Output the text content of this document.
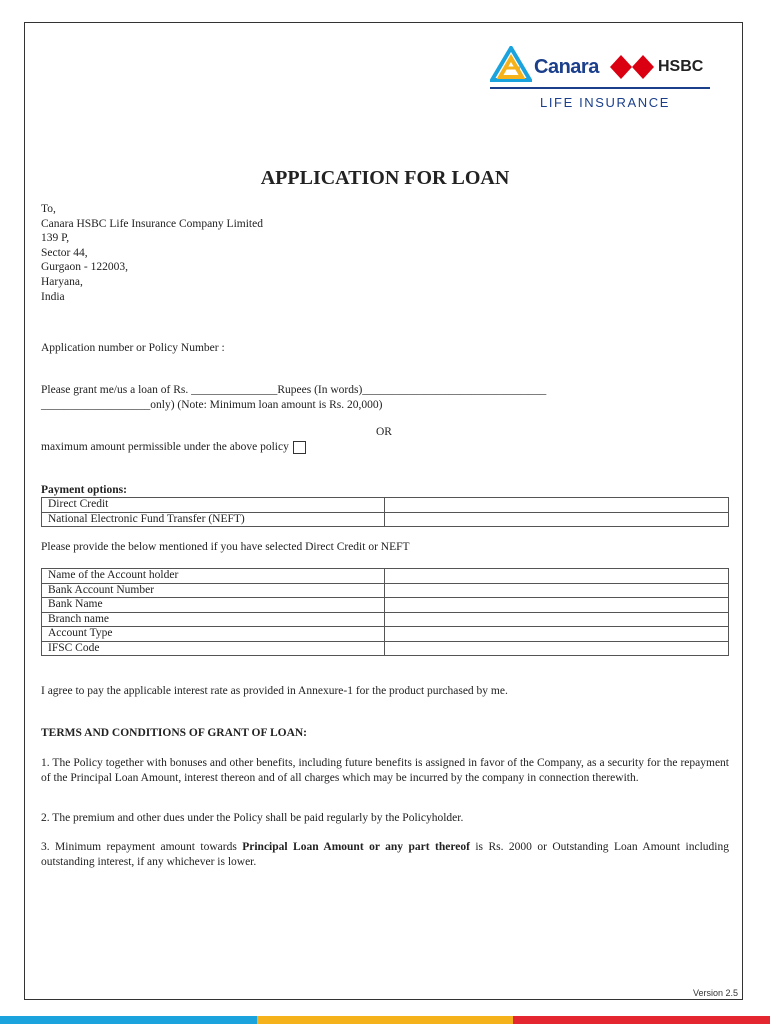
Canara	HSBC
LIFE INSURANCE
APPLICATION FOR LOAN
To,
Canara HSBC Life Insurance Company Limited
139 P,
Sector 44,
Gurgaon - 122003,
Haryana,
India
Application number or Policy Number :
Please grant me/us a loan of Rs. _______________Rupees (In words)________________________________
___________________only) (Note: Minimum loan amount is Rs. 20,000)
OR
maximum amount permissible under the above policy
Payment options:
Direct Credit	
National Electronic Fund Transfer (NEFT)	
Please provide the below mentioned if you have selected Direct Credit or NEFT
Name of the Account holder	
Bank Account Number	
Bank Name	
Branch name	
Account Type	
IFSC Code	
I agree to pay the applicable interest rate as provided in Annexure-1 for the product purchased by me.
TERMS AND CONDITIONS OF GRANT OF LOAN:
1. The Policy together with bonuses and other benefits, including future benefits is assigned in favor of the Company, as a security for the repayment of the Principal Loan Amount, interest thereon and of all charges which may be incurred by the company in connection therewith.
2. The premium and other dues under the Policy shall be paid regularly by the Policyholder.
3. Minimum repayment amount towards Principal Loan Amount or any part thereof is Rs. 2000 or Outstanding Loan Amount including outstanding interest, if any whichever is lower.
Version 2.5
